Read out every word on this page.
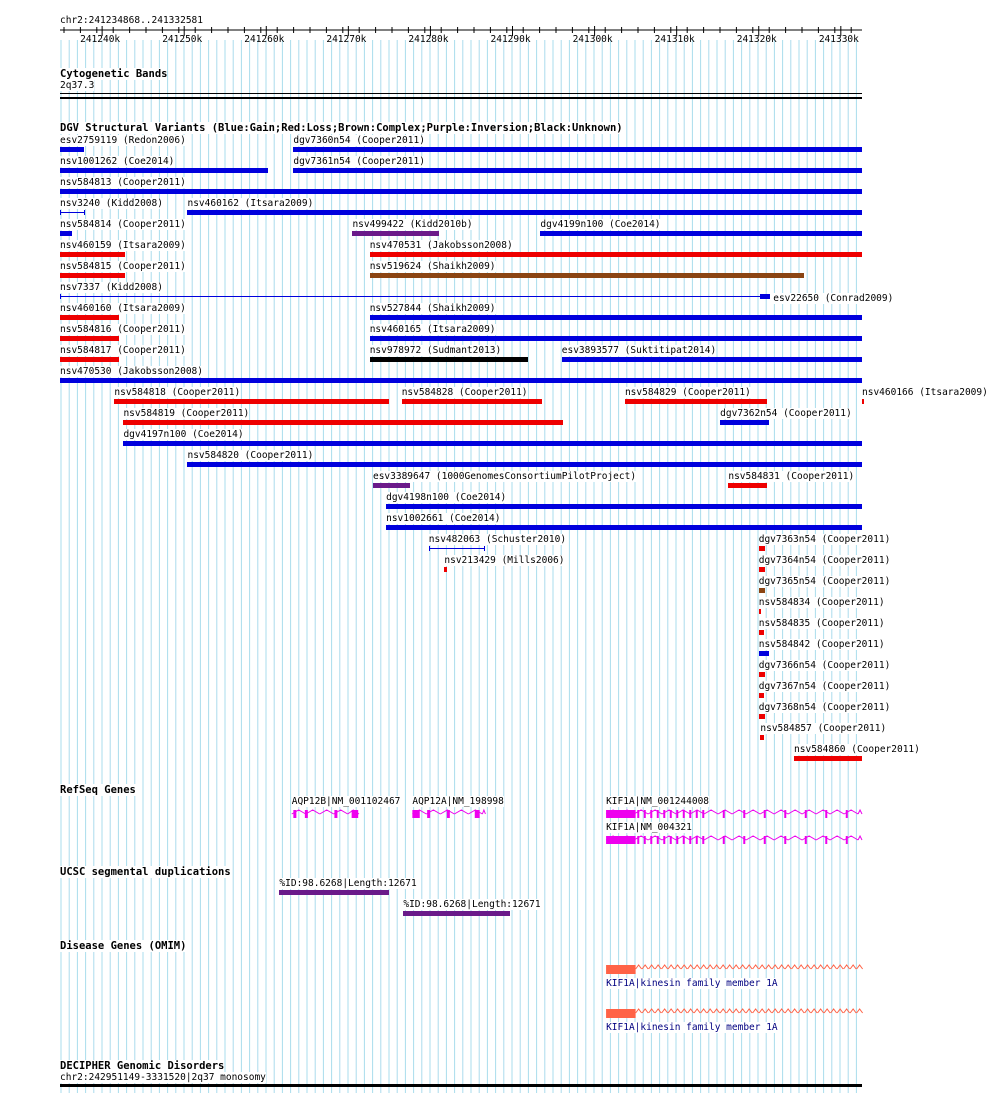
chr2:241234868..241332581
241240k	241250k	241260k	241270k	241280k	241290k	241300k	241310k	241320k	241330k
Cytogenetic Bands
2q37.3
DGV Structural Variants (Blue:Gain;Red:Loss;Brown:Complex;Purple:Inversion;Black:Unknown)
esv2759119 (Redon2006)	dgv7360n54 (Cooper2011)
nsv1001262 (Coe2014)	dgv7361n54 (Cooper2011)
nsv584813 (Cooper2011)
nsv3240 (Kidd2008)	nsv460162 (Itsara2009)
nsv584814 (Cooper2011)	nsv499422 (Kidd2010b)	dgv4199n100 (Coe2014)
nsv460159 (Itsara2009)	nsv470531 (Jakobsson2008)
nsv584815 (Cooper2011)	nsv519624 (Shaikh2009)
nsv7337 (Kidd2008)
esv22650 (Conrad2009)
nsv460160 (Itsara2009)	nsv527844 (Shaikh2009)
nsv584816 (Cooper2011)	nsv460165 (Itsara2009)
nsv584817 (Cooper2011)	nsv978972 (Sudmant2013)	esv3893577 (Suktitipat2014)
nsv470530 (Jakobsson2008)
nsv584818 (Cooper2011)	nsv584828 (Cooper2011)	nsv584829 (Cooper2011)	nsv460166 (Itsara2009)
nsv584819 (Cooper2011)	dgv7362n54 (Cooper2011)
dgv4197n100 (Coe2014)
nsv584820 (Cooper2011)
esv3389647 (1000GenomesConsortiumPilotProject)	nsv584831 (Cooper2011)
dgv4198n100 (Coe2014)
nsv1002661 (Coe2014)
nsv482063 (Schuster2010)	dgv7363n54 (Cooper2011)
nsv213429 (Mills2006)	dgv7364n54 (Cooper2011)
dgv7365n54 (Cooper2011)
nsv584834 (Cooper2011)
nsv584835 (Cooper2011)
nsv584842 (Cooper2011)
dgv7366n54 (Cooper2011)
dgv7367n54 (Cooper2011)
dgv7368n54 (Cooper2011)
nsv584857 (Cooper2011)
nsv584860 (Cooper2011)
RefSeq Genes
AQP12B|NM_001102467 AQP12A|NM_198998	KIF1A|NM_001244008
KIF1A|NM_004321
UCSC segmental duplications
%ID:98.6268|Length:12671
%ID:98.6268|Length:12671
Disease Genes (OMIM)
KIF1A|kinesin family member 1A
KIF1A|kinesin family member 1A
DECIPHER Genomic Disorders
chr2:242951149-3331520|2q37 monosomy
